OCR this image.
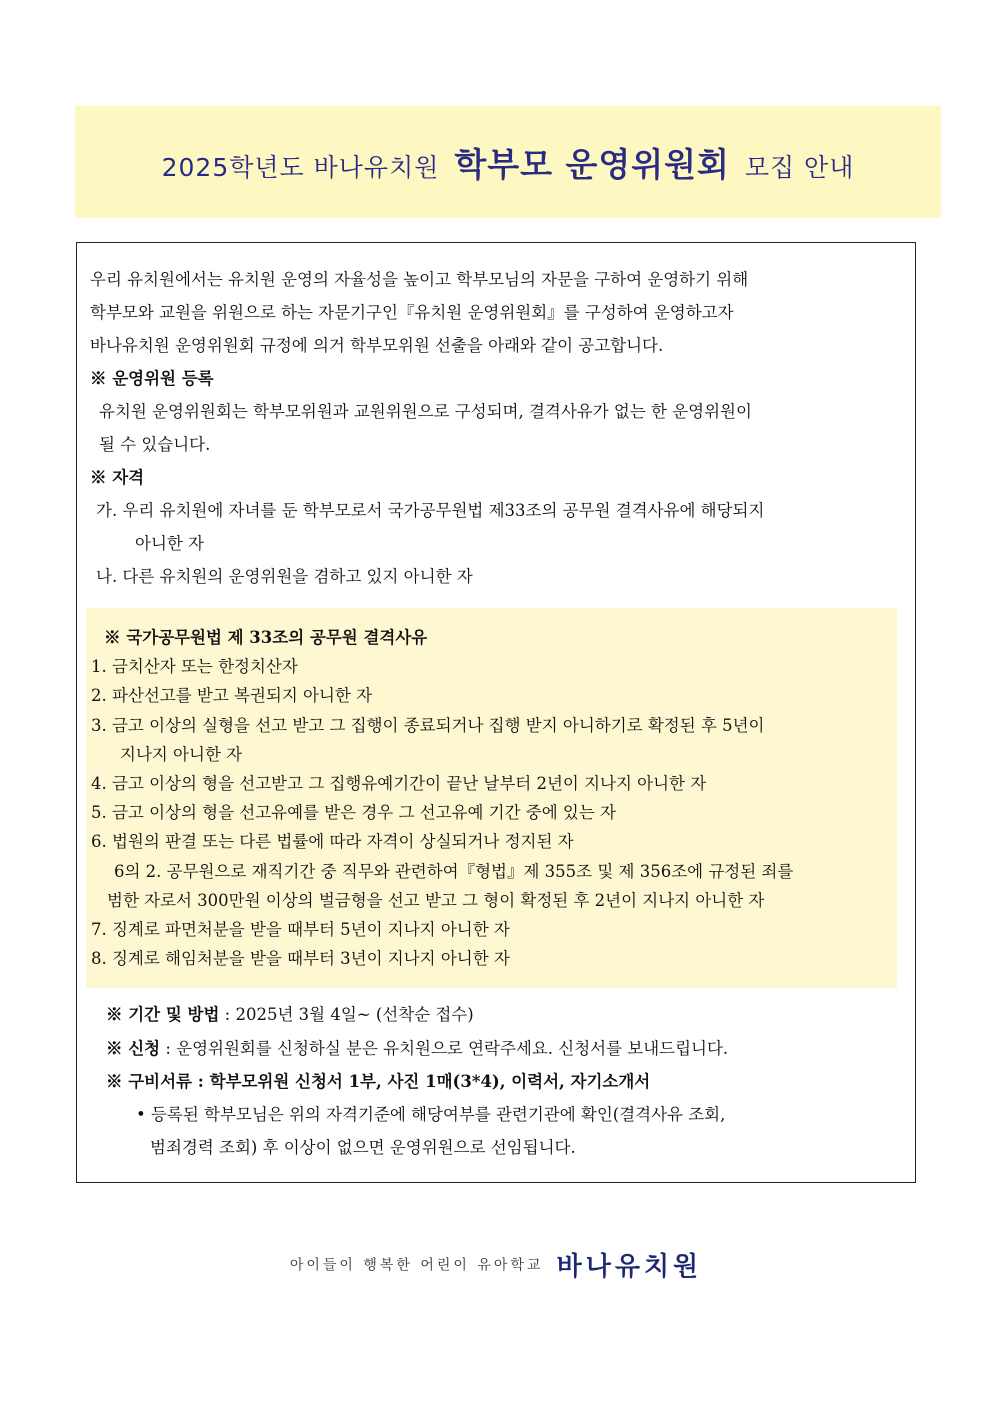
2025학년도 바나유치원 학부모 운영위원회 모집 안내
우리 유치원에서는 유치원 운영의 자율성을 높이고 학부모님의 자문을 구하여 운영하기 위해
학부모와 교원을 위원으로 하는 자문기구인『유치원 운영위원회』를 구성하여 운영하고자
바나유치원 운영위원회 규정에 의거 학부모위원 선출을 아래와 같이 공고합니다.
※ 운영위원 등록
유치원 운영위원회는 학부모위원과 교원위원으로 구성되며, 결격사유가 없는 한 운영위원이
될 수 있습니다.
※ 자격
가. 우리 유치원에 자녀를 둔 학부모로서 국가공무원법 제33조의 공무원 결격사유에 해당되지
아니한 자
나. 다른 유치원의 운영위원을 겸하고 있지 아니한 자
※ 국가공무원법 제 33조의 공무원 결격사유
1. 금치산자 또는 한정치산자
2. 파산선고를 받고 복권되지 아니한 자
3. 금고 이상의 실형을 선고 받고 그 집행이 종료되거나 집행 받지 아니하기로 확정된 후 5년이
지나지 아니한 자
4. 금고 이상의 형을 선고받고 그 집행유예기간이 끝난 날부터 2년이 지나지 아니한 자
5. 금고 이상의 형을 선고유예를 받은 경우 그 선고유예 기간 중에 있는 자
6. 법원의 판결 또는 다른 법률에 따라 자격이 상실되거나 정지된 자
6의 2. 공무원으로 재직기간 중 직무와 관련하여『형법』제 355조 및 제 356조에 규정된 죄를
범한 자로서 300만원 이상의 벌금형을 선고 받고 그 형이 확정된 후 2년이 지나지 아니한 자
7. 징계로 파면처분을 받을 때부터 5년이 지나지 아니한 자
8. 징계로 해임처분을 받을 때부터 3년이 지나지 아니한 자
※ 기간 및 방법 : 2025년 3월 4일~ (선착순 접수)
※ 신청 : 운영위원회를 신청하실 분은 유치원으로 연락주세요. 신청서를 보내드립니다.
※ 구비서류 : 학부모위원 신청서 1부, 사진 1매(3*4), 이력서, 자기소개서
• 등록된 학부모님은 위의 자격기준에 해당여부를 관련기관에 확인(결격사유 조회,
범죄경력 조회) 후 이상이 없으면 운영위원으로 선임됩니다.
아이들이 행복한 어린이 유아학교 바나유치원
